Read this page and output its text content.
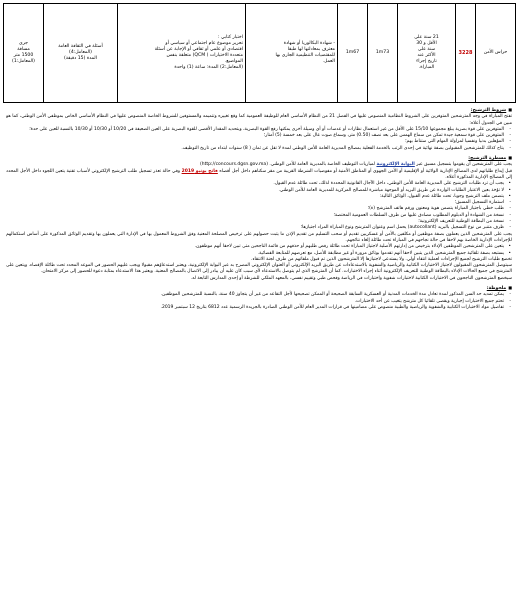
حراس الأمن	3228	21 سنة على
الأقل و 30
سنة على
الأكثر عند
تاريخ إجراء
المباراة.	1m73	1m67	- شهادة البكالوريا أو شهادة
معترف بمعادلتها لها طبقا
للمقتضيات التنظيمية الجاري بها
العمل.	اختبار كتابي :
تحرير موضوع عام اجتماعي أو سياسي أو
اقتصادي أو علمي أو ثقافي أو الإجابة عن أسئلة
متعددة الاختيارات ( QCM) متعلقة بنفس
المواضيع.
(المعامل:2) المدة: ساعة (1) واحدة	أسئلة في الثقافة العامة
(المعامل:4)
المدة (15 دقيقة)	جري
مسافة
1500 متر
(المعامل:1)
■شروط الترشيح:

تفتح المباراة في وجه المترشحين المتوفرين على الشروط النظامية المنصوص عليها في الفصل 21 من النظام الأساسي العام للوظيفة العمومية كما وقع تغييره وتتميمه والمستوفين للشروط الخاصة المنصوص عليها في النظام الأساسي الخاص بموظفي الأمن الوطني، كما هو مبين في الجدول أعلاه:

- المتوفرين على قوة بصرية يبلغ مجموعها 15/10 على الأقل من غير استعمال نظارات أو عدسات أو أي وسيلة أخرى يمكنها رفع القوة البصرية، وبتحديد المقدار الأقصى للقوة البصرية على العين الضعيفة في 10/20 أو 10/30 أو 10/30 بالنسبة للعين على حدة؛

- المتوفرين على قوة سمعية جيدة تمكن من سماع الهمس على بعد نصف (0.50) متر، وسماع صوت عال على بعد خمسة (5) أمتار؛

- المؤهلين بدنيا ونفسيا لمزاولة المهام التي ستناط بهم؛

- يتاح كذلك للمترشحين المقبولين بصفة نهائية في إحدى الرتب بالخدمة الفعلية بمصالح المديرية العامة للأمن الوطني لمدة لا تقل عن ثمان ( 8) سنوات ابتداء من تاريخ التوظيف.

■مسطرة الترشيح:

يجب على المترشحين أن يقوموا بتسجيل مسبق عبر البوابة الإلكترونية لمباريات التوظيف الخاصة بالمديرية العامة للأمن الوطني. (http://concours.dgsn.gov.ma)

قبل إيداع طلباتهم لدى المصالح الإدارية الولائية أو الإقليمية أو الأمن الجهوي أو المناطق الأمنية أو مفوضيات الشرطة القريبة من مقر سكناهم داخل أجل أقصاه فاتح يونيو 2019 وفي حالة تعذر تسجيل طلب الترشيح الإلكتروني لأسباب تقنية يتعين اللجوء داخل الأجل المحدد إلى المصالح الإدارية المذكورة أعلاه.

• يجب أن ترد طلبات الترشيح على المديرية العامة للأمن الوطني، داخل الآجال القانونية المحددة لذلك، تحت طائلة عدم القبول.

• لا تؤخذ بعين الاعتبار الطلبات الواردة عن طريق البريد أو الموجهة مباشرة للمصالح المركزية للمديرية العامة للأمن الوطني.

• يتضمن ملف الترشيح وجوبا، تحت طائلة عدم القبول، الوثائق التالية:

- استمارة التسجيل المسبق؛

- طلب خطي باجتياز المباراة يتضمن هوية ومعنون ورقم هاتف المترشح (ة)؛

- نسخة من الشهادة أو الدبلوم المطلوب مصادق عليها من طرف السلطات العمومية المختصة؛

- نسخة من البطاقة الوطنية للتعريف الإلكترونية؛

- ظرف متنبر من نوع التسجيل بالبريد (autocollant) يحمل اسم وعنوان المترشح ونوع المباراة المراد اجتيازها؛

يجب على المترشحين الذين يعملون بصفة موظفين أو مكلفين بالأمن أو عسكريين تقديم أو سحب التسليم من تقديم الإذن ما يثبت حصولهم على ترخيص المصلحة المعنية وفق الشروط المعمول بها في الإدارة التي يعملون بها وتقديم الوثائق المذكورة على أساس استكمالهم للإجراءات الإدارية الخاصة بهم لاحقا في حالة نجاحهم في المباراة تحت طائلة إلغاء نتائجهم.

• يتعين على المترشحين الموظفين الإدلاء بترخيص من إدارتهم الأصلية لاجتياز المباراة تحت طائلة رفض طلبهم أو حذفهم من قائمة الناجحين متى تبين لاحقا أنهم موظفون.

• يستبعد بصفة تلقائية جميع المترشحين الذين يتبين لاحقا أنهم تقدموا بوثائق مزورة أو غير مطابقة للأصل، مع تعرضهم للمتابعة القضائية.

تخضع طلبات الترشيح لجميع الإجراءات لعملية انتقاء أولي. ولا يستدعي لاجتيازها إلا المترشحون الذين تم قبول ملفاتهم من طرف لجنة الانتقاء.

سيتوصل المترشحون المقبولون لاجتياز الاختبارات الكتابية والرياضية والشفوية بالاستدعاءات عن طريق البريد الإلكتروني أو العنوان الإلكتروني المصرح به عبر البوابة الإلكترونية، ويعتبر استدعاؤهم مقبولا ويجب عليهم الحضور في الموعد المحدد تحت طائلة الإقصاء. ويتعين على المترشح في جميع الحالات الإدلاء بالبطاقة الوطنية للتعريف الإلكترونية أثناء إجراء الاختبارات. كما أن المترشح الذي لم يتوصل بالاستدعاء لأي سبب كان عليه أن يبادر إلى الاتصال بالمصالح المعنية. ويعتبر هذا الاستدعاء بمثابة دعوة للحضور إلى مركز الامتحان.

سيخضع المترشحون الناجحون في الاختبارات الكتابية لاختبارات شفوية واختبارات في الرياضة وفحص طبي وتقييم نفسي، بالمعهد الملكي للشرطة أو إحدى المدارس التابعة له.

■ملحوظة:

- يمكن تمديد حد السن المذكور لمدة تعادل مدة الخدمات المدنية أو العسكرية السابقة الصحيحة أو الممكن تصحيحها لأجل التقاعد من غير أن يتجاوز 40 سنة، بالنسبة للمترشحين الموظفين.

- تحتم جميع الاختبارات إجبارية ويقصى تلقائيا كل مترشح يتغيب عن أحد الاختبارات.

- تفاصيل مواد الاختبارات الكتابية والشفوية والرياضية والطبية منصوص على مضامينها في قرارات المدير العام للأمن الوطني الصادرة بالجريدة الرسمية عدد 6812 بتاريخ 12 سبتمبر 2019.
